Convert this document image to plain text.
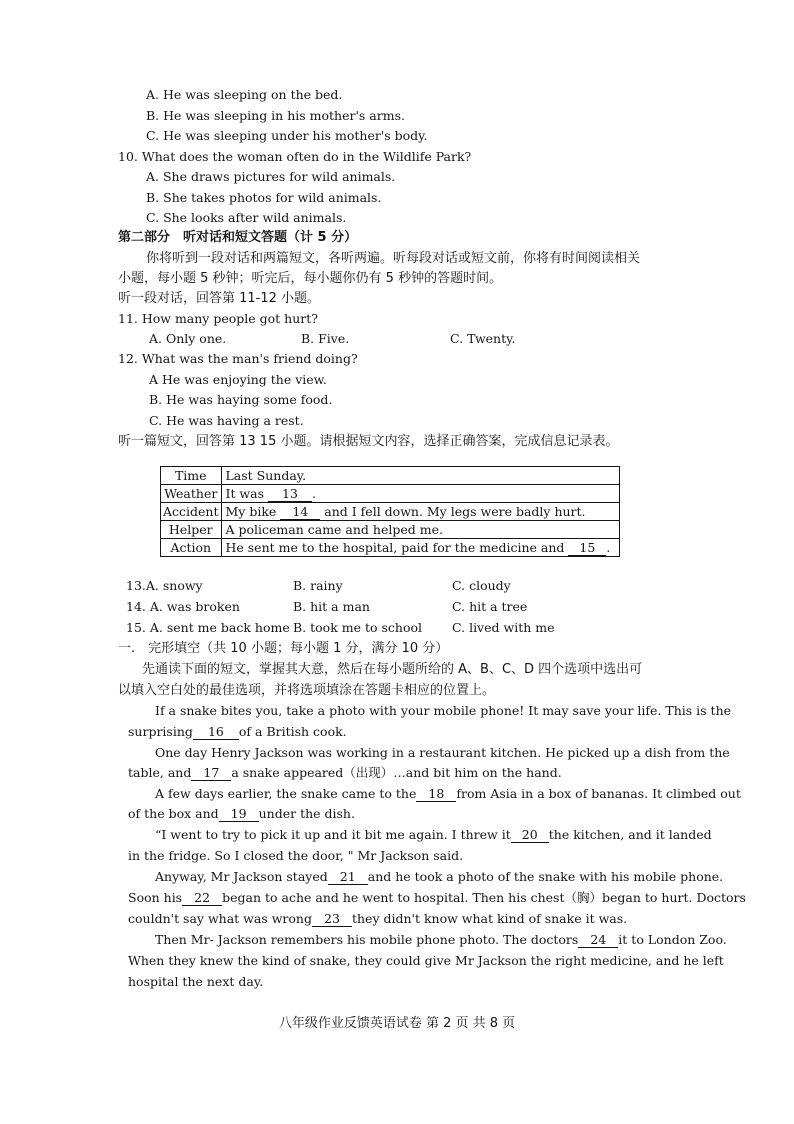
A. He was sleeping on the bed.
B. He was sleeping in his mother's arms.
C. He was sleeping under his mother's body.
10. What does the woman often do in the Wildlife Park?
A. She draws pictures for wild animals.
B. She takes photos for wild animals.
C. She looks after wild animals.
第二部分　听对话和短文答题（计 5 分）
你将听到一段对话和两篇短文，各听两遍。听每段对话或短文前，你将有时间阅读相关
小题，每小题 5 秒钟；听完后，每小题你仍有 5 秒钟的答题时间。
听一段对话，回答第 11-12 小题。
11. How many people got hurt?
A. Only one.	B. Five.	C. Twenty.
12. What was the man's friend doing?
A He was enjoying the view.
B. He was haying some food.
C. He was having a rest.
听一篇短文，回答第 13 15 小题。请根据短文内容，选择正确答案，完成信息记录表。
Time	Last Sunday.
Weather	It was 13 .
Accident	My bike 14 and I fell down. My legs were badly hurt.
Helper	A policeman came and helped me.
Action	He sent me to the hospital, paid for the medicine and 15 .
13.A. snowy	B. rainy	C. cloudy
14. A. was broken	B. hit a man	C. hit a tree
15. A. sent me back home B. took me to school C. lived with me
一.　完形填空（共 10 小题；每小题 1 分，满分 10 分）
先通读下面的短文，掌握其大意，然后在每小题所给的 A、B、C、D 四个选项中选出可
以填入空白处的最佳选项，并将选项填涂在答题卡相应的位置上。
If a snake bites you, take a photo with your mobile phone! It may save your life. This is the
surprising 16 of a British cook.
One day Henry Jackson was working in a restaurant kitchen. He picked up a dish from the
table, and 17 a snake appeared（出现）…and bit him on the hand.
A few days earlier, the snake came to the 18 from Asia in a box of bananas. It climbed out
of the box and 19 under the dish.
“I went to try to pick it up and it bit me again. I threw it 20 the kitchen, and it landed
in the fridge. So I closed the door, " Mr Jackson said.
Anyway, Mr Jackson stayed 21 and he took a photo of the snake with his mobile phone.
Soon his 22 began to ache and he went to hospital. Then his chest（胸）began to hurt. Doctors
couldn't say what was wrong 23 they didn't know what kind of snake it was.
Then Mr- Jackson remembers his mobile phone photo. The doctors 24 it to London Zoo.
When they knew the kind of snake, they could give Mr Jackson the right medicine, and he left
hospital the next day.
八年级作业反馈英语试卷 第 2 页 共 8 页
